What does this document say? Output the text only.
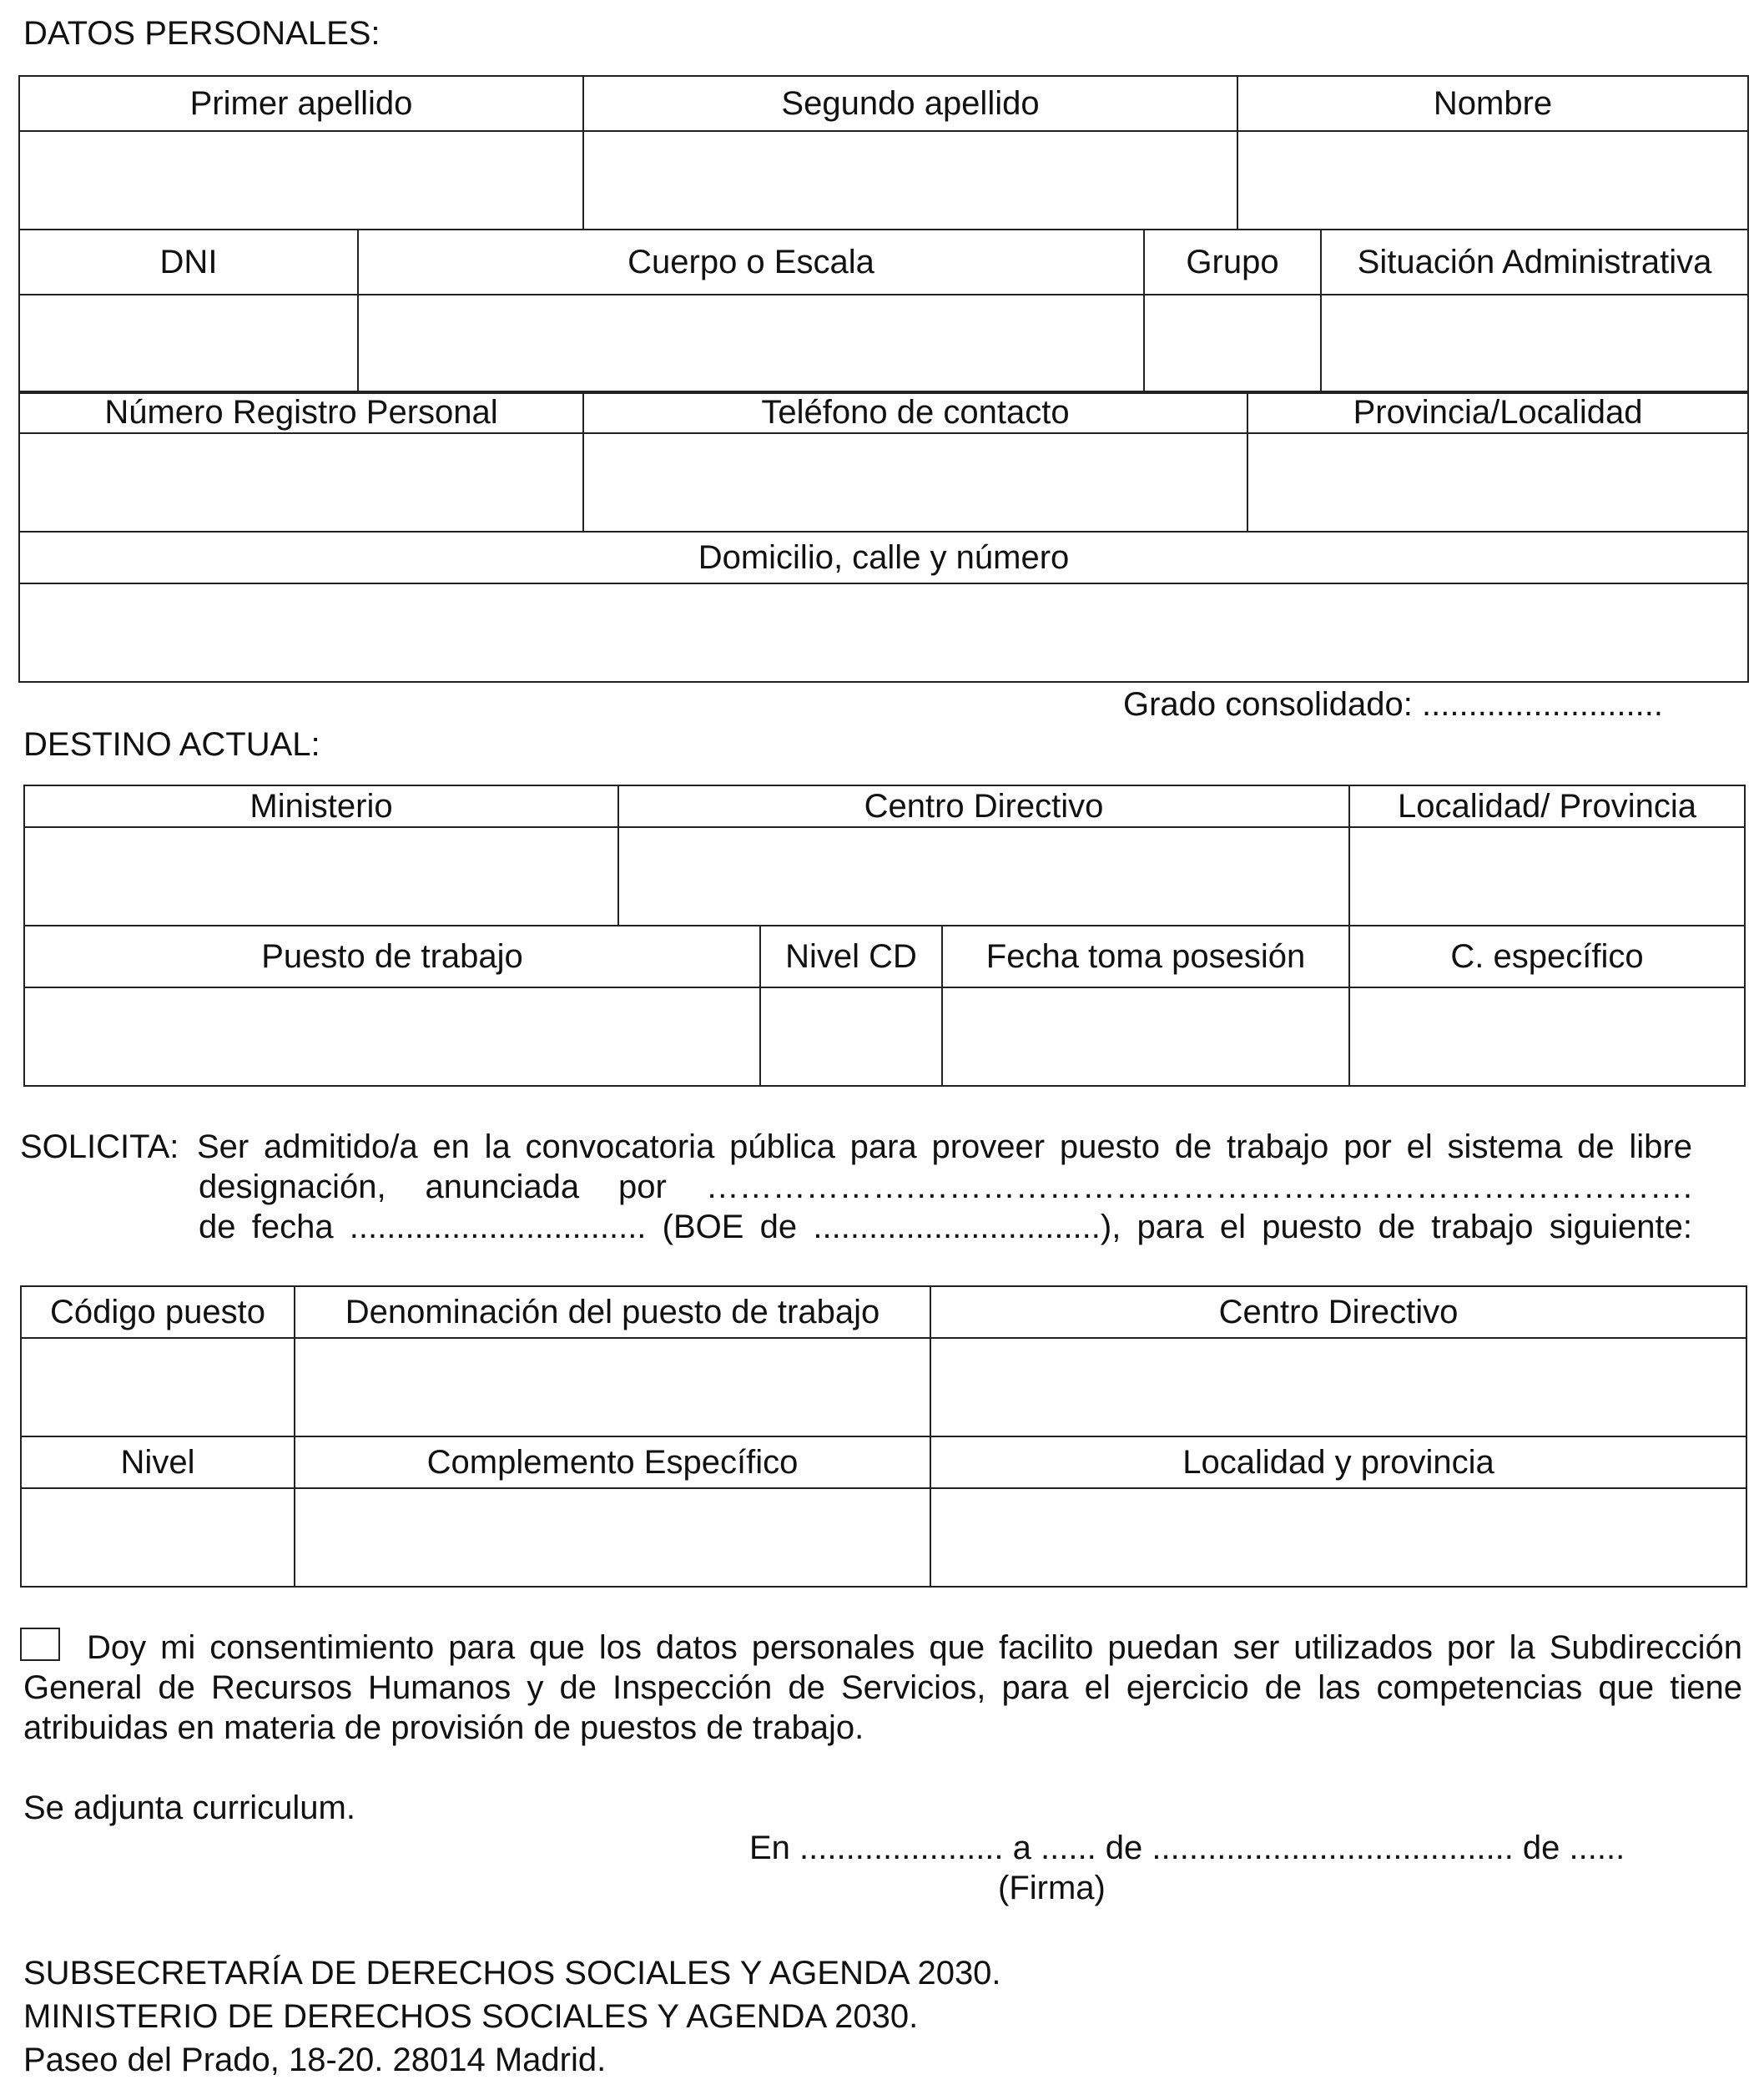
DATOS PERSONALES:
Primer apellido	Segundo apellido	Nombre

DNI	Cuerpo o Escala	Grupo	Situación Administrativa

Número Registro Personal	Teléfono de contacto	Provincia/Localidad

Domicilio, calle y número		

Grado consolidado: ..........................
DESTINO ACTUAL:
Ministerio	Centro Directivo	Localidad/ Provincia

Puesto de trabajo	Nivel CD	Fecha toma posesión	C. específico

SOLICITA: Ser admitido/a en la convocatoria pública para proveer puesto de trabajo por el sistema de libre
designación, anunciada por ……………….…………………………………………………………….
de fecha ................................ (BOE de ...............................), para el puesto de trabajo siguiente:
Código puesto	Denominación del puesto de trabajo	Centro Directivo

Nivel	Complemento Específico	Localidad y provincia

Doy mi consentimiento para que los datos personales que facilito puedan ser utilizados por la Subdirección
General de Recursos Humanos y de Inspección de Servicios, para el ejercicio de las competencias que tiene
atribuidas en materia de provisión de puestos de trabajo.
Se adjunta curriculum.
En ...................... a ...... de ....................................... de ......
(Firma)
SUBSECRETARÍA DE DERECHOS SOCIALES Y AGENDA 2030.
MINISTERIO DE DERECHOS SOCIALES Y AGENDA 2030.
Paseo del Prado, 18-20. 28014 Madrid.
